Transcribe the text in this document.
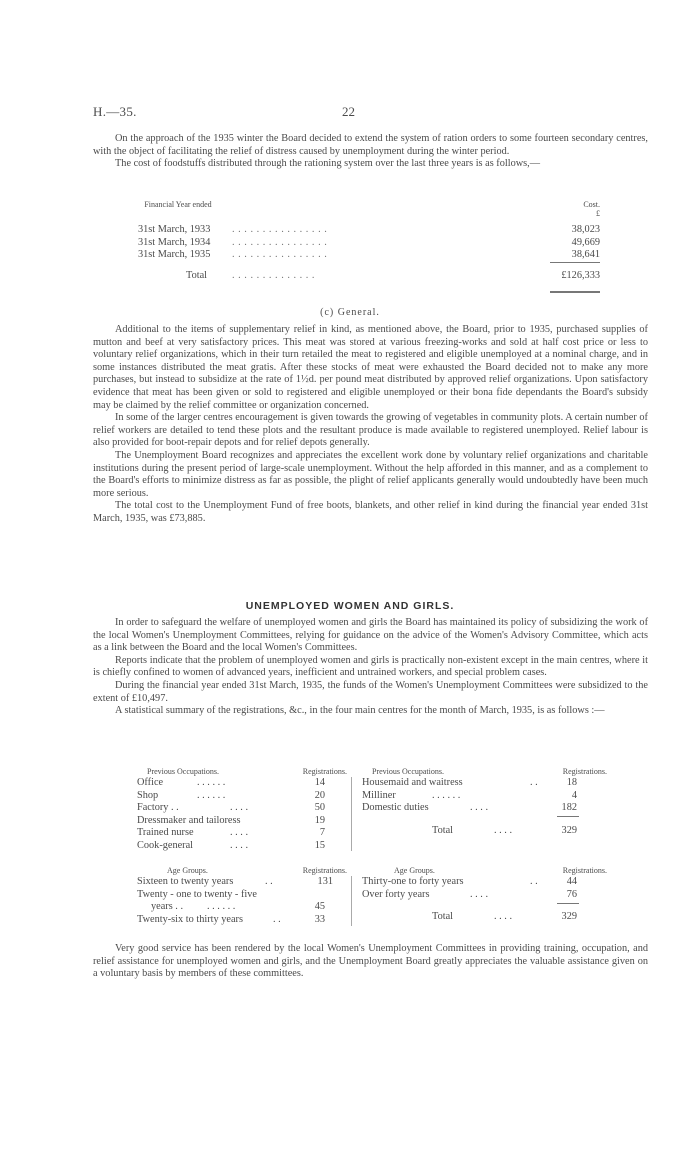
H.—35.	22

On the approach of the 1935 winter the Board decided to extend the system of ration orders to some fourteen secondary centres, with the object of facilitating the relief of distress caused by unemployment during the winter period.

The cost of foodstuffs distributed through the rationing system over the last three years is as follows,—

Financial Year ended	Cost.
£
31st March, 1933 . . . . . . . . . . . . . . . .	38,023
31st March, 1934 . . . . . . . . . . . . . . . .	49,669
31st March, 1935 . . . . . . . . . . . . . . . .	38,641
Total . . . . . . . . . . . . . .	£126,333
(c) General.

Additional to the items of supplementary relief in kind, as mentioned above, the Board, prior to 1935, purchased supplies of mutton and beef at very satisfactory prices. This meat was stored at various freezing-works and sold at half cost price or less to voluntary relief organizations, which in their turn retailed the meat to registered and eligible unemployed at a nominal charge, and in some instances distributed the meat gratis. After these stocks of meat were exhausted the Board decided not to make any more purchases, but instead to subsidize at the rate of 1½d. per pound meat distributed by approved relief organizations. Upon satisfactory evidence that meat has been given or sold to registered and eligible unemployed or their bona fide dependants the Board's subsidy may be claimed by the relief committee or organization concerned.

In some of the larger centres encouragement is given towards the growing of vegetables in community plots. A certain number of relief workers are detailed to tend these plots and the resultant produce is made available to registered unemployed. Relief labour is also provided for boot-repair depots and for relief depots generally.

The Unemployment Board recognizes and appreciates the excellent work done by voluntary relief organizations and charitable institutions during the present period of large-scale unemployment. Without the help afforded in this manner, and as a complement to the Board's efforts to minimize distress as far as possible, the plight of relief applicants generally would undoubtedly have been much more serious.

The total cost to the Unemployment Fund of free boots, blankets, and other relief in kind during the financial year ended 31st March, 1935, was £73,885.

UNEMPLOYED WOMEN AND GIRLS.

In order to safeguard the welfare of unemployed women and girls the Board has maintained its policy of subsidizing the work of the local Women's Unemployment Committees, relying for guidance on the advice of the Women's Advisory Committee, which acts as a link between the Board and the local Women's Committees.

Reports indicate that the problem of unemployed women and girls is practically non-existent except in the main centres, where it is chiefly confined to women of advanced years, inefficient and untrained workers, and special problem cases.

During the financial year ended 31st March, 1935, the funds of the Women's Unemployment Committees were subsidized to the extent of £10,497.

A statistical summary of the registrations, &c., in the four main centres for the month of March, 1935, is as follows :—

Previous Occupations.	Registrations.
Office	. . . . . .	14
Shop	. . . . . .	20
Factory . .	. . . .	50
Dressmaker and tailoress	19
Trained nurse	. . . .	7
Cook-general	. . . .	15
Previous Occupations.	Registrations.
Housemaid and waitress	. .	18
Milliner	. . . . . .	4
Domestic duties	. . . .	182
Total	. . . .	329
Age Groups.	Registrations.
Sixteen to twenty years	. .	131
Twenty - one to twenty - five
years . . . . . . . .	45
Twenty-six to thirty years	. .	33
Age Groups.	Registrations.
Thirty-one to forty years	. .	44
Over forty years	. . . .	76
Total	. . . .	329

Very good service has been rendered by the local Women's Unemployment Committees in providing training, occupation, and relief assistance for unemployed women and girls, and the Unemployment Board greatly appreciates the valuable assistance given on a voluntary basis by members of these committees.
